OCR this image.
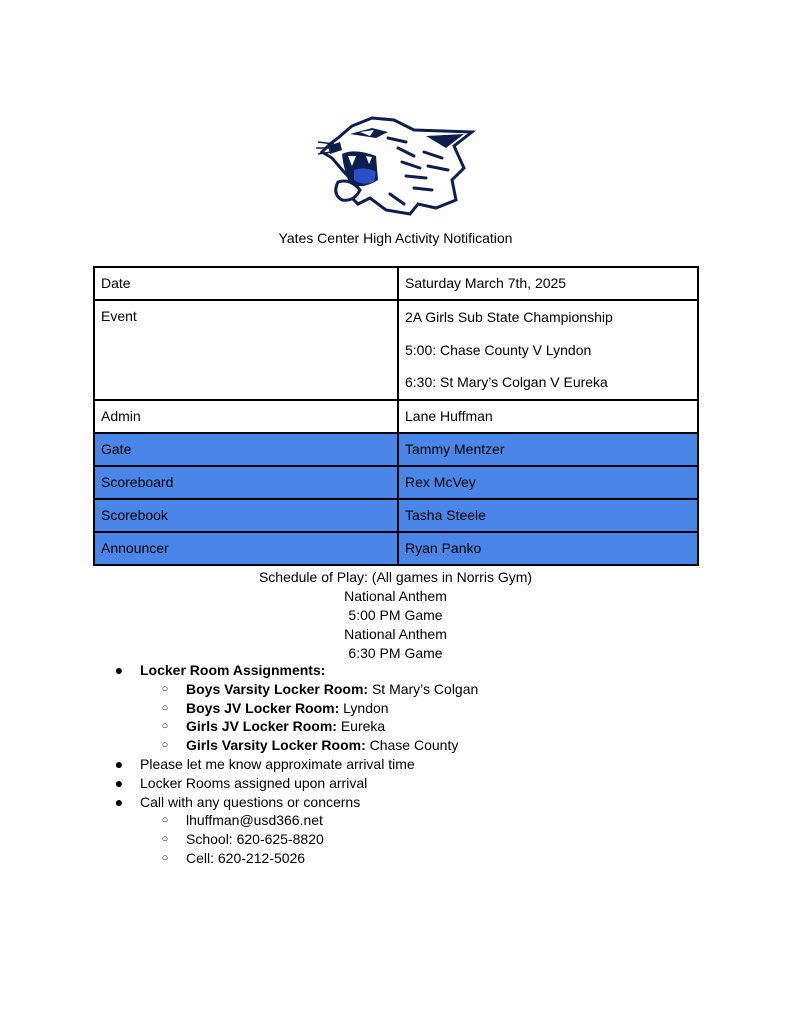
Yates Center High Activity Notification
Date	Saturday March 7th, 2025
Event	2A Girls Sub State Championship
5:00: Chase County V Lyndon
6:30: St Mary’s Colgan V Eureka

Admin	Lane Huffman
Gate	Tammy Mentzer
Scoreboard	Rex McVey
Scorebook	Tasha Steele
Announcer	Ryan Panko
Schedule of Play: (All games in Norris Gym)
National Anthem
5:00 PM Game
National Anthem
6:30 PM Game
● Locker Room Assignments:
○ Boys Varsity Locker Room: St Mary’s Colgan
○ Boys JV Locker Room: Lyndon
○ Girls JV Locker Room: Eureka
○ Girls Varsity Locker Room: Chase County
● Please let me know approximate arrival time
● Locker Rooms assigned upon arrival
● Call with any questions or concerns
○ lhuffman@usd366.net
○ School: 620-625-8820
○ Cell: 620-212-5026
